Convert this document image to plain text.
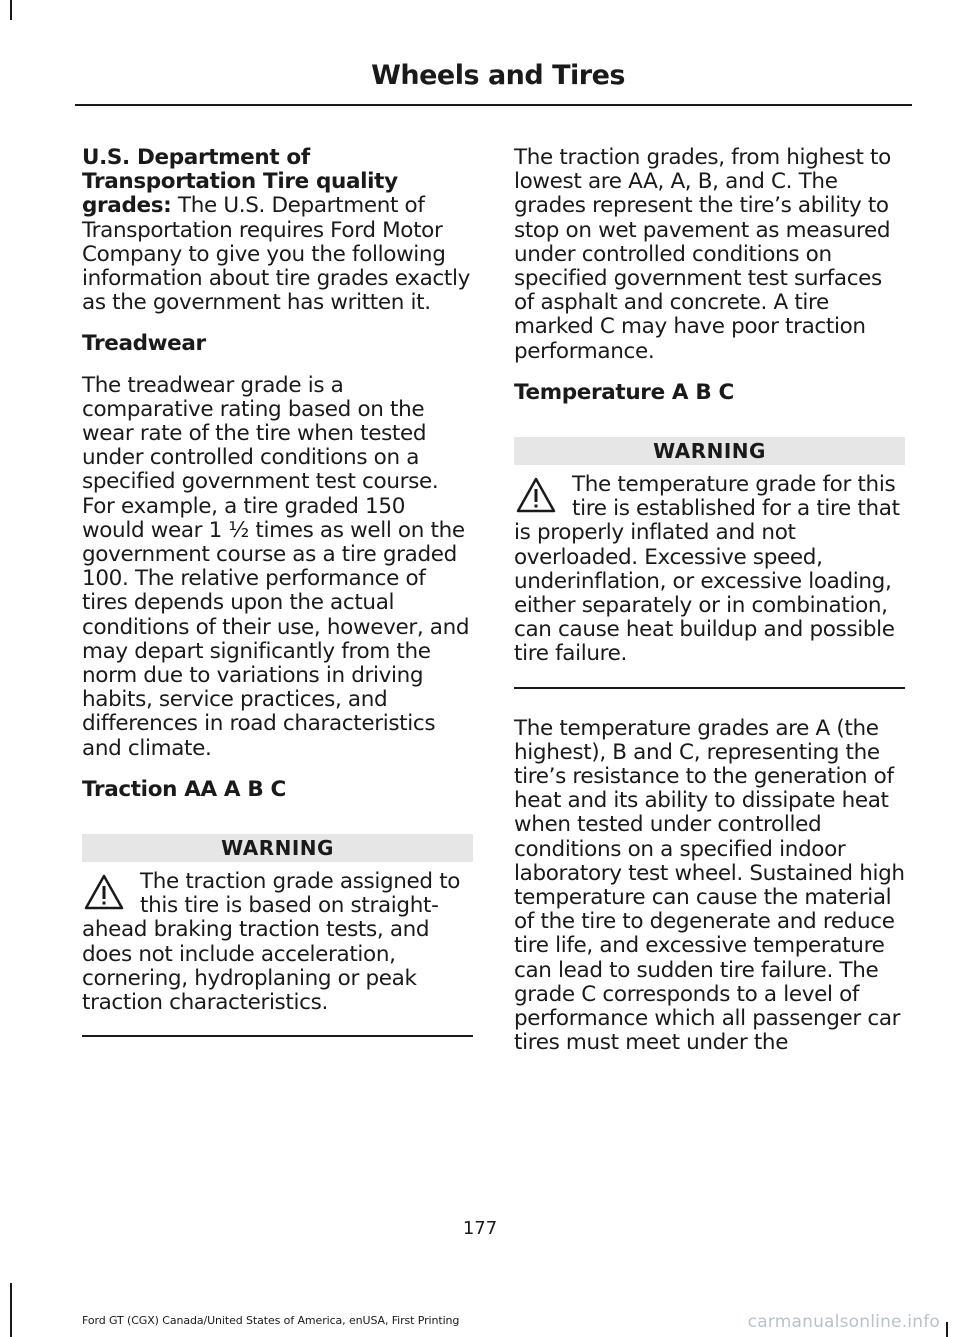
Wheels and Tires

U.S. Department of Transportation Tire quality grades: The U.S. Department of Transportation requires Ford Motor Company to give you the following information about tire grades exactly as the government has written it.

Treadwear

The treadwear grade is a comparative rating based on the wear rate of the tire when tested under controlled conditions on a specified government test course. For example, a tire graded 150 would wear 1 ½ times as well on the government course as a tire graded 100. The relative performance of tires depends upon the actual conditions of their use, however, and may depart significantly from the norm due to variations in driving habits, service practices, and differences in road characteristics and climate.

Traction AA A B C
WARNING
The traction grade assigned to this tire is based on straight-ahead braking traction tests, and does not include acceleration, cornering, hydroplaning or peak traction characteristics.

The traction grades, from highest to lowest are AA, A, B, and C. The grades represent the tire’s ability to stop on wet pavement as measured under controlled conditions on specified government test surfaces of asphalt and concrete. A tire marked C may have poor traction performance.

Temperature A B C
WARNING
The temperature grade for this tire is established for a tire that is properly inflated and not overloaded. Excessive speed, underinflation, or excessive loading, either separately or in combination, can cause heat buildup and possible tire failure.

The temperature grades are A (the highest), B and C, representing the tire’s resistance to the generation of heat and its ability to dissipate heat when tested under controlled conditions on a specified indoor laboratory test wheel. Sustained high temperature can cause the material of the tire to degenerate and reduce tire life, and excessive temperature can lead to sudden tire failure. The grade C corresponds to a level of performance which all passenger car tires must meet under the

177
Ford GT (CGX) Canada/United States of America, enUSA, First Printing	carmanualsonline.info
